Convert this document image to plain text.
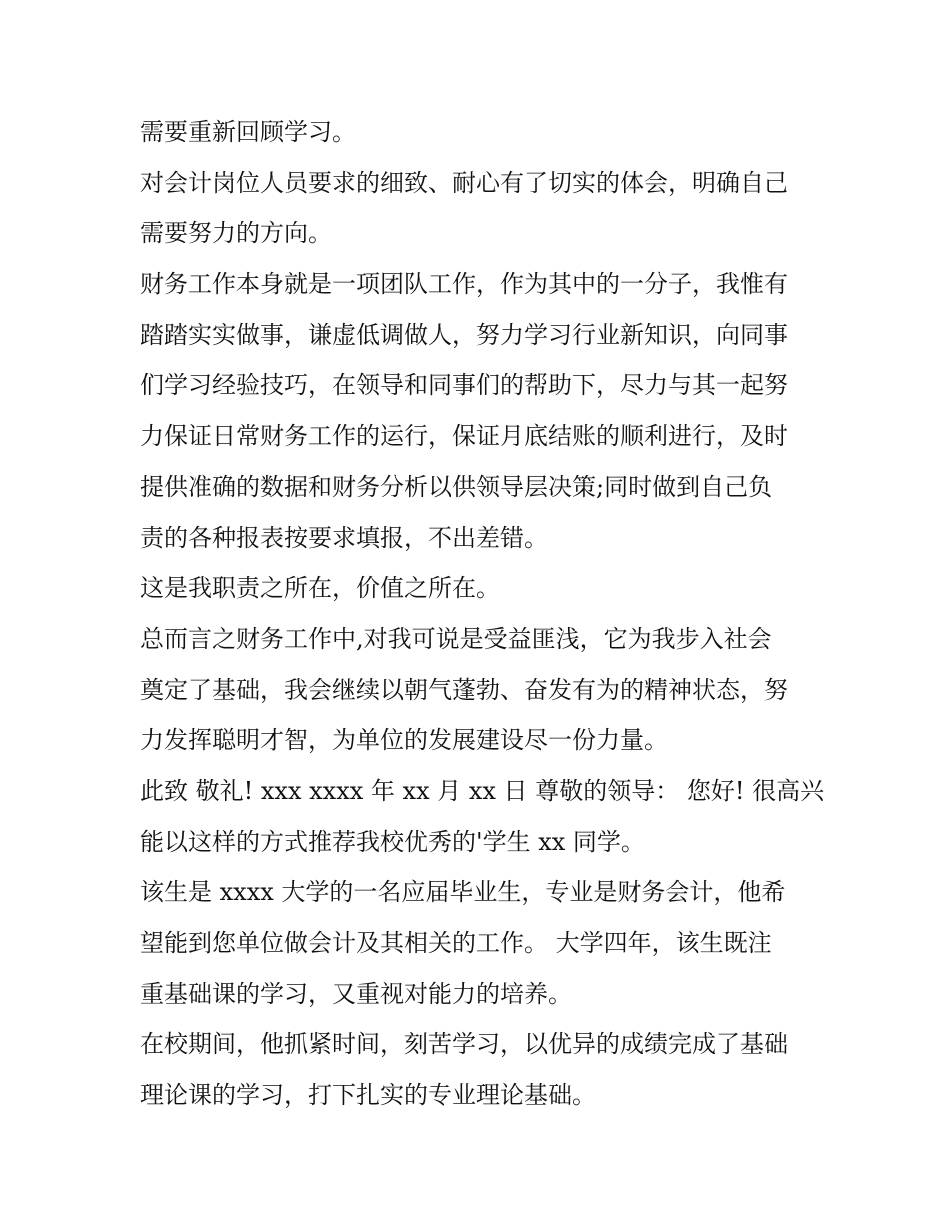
需要重新回顾学习。
对会计岗位人员要求的细致、耐心有了切实的体会，明确自己
需要努力的方向。
财务工作本身就是一项团队工作，作为其中的一分子，我惟有
踏踏实实做事，谦虚低调做人，努力学习行业新知识，向同事
们学习经验技巧，在领导和同事们的帮助下，尽力与其一起努
力保证日常财务工作的运行，保证月底结账的顺利进行，及时
提供准确的数据和财务分析以供领导层决策;同时做到自己负
责的各种报表按要求填报，不出差错。
这是我职责之所在，价值之所在。
总而言之财务工作中,对我可说是受益匪浅，它为我步入社会
奠定了基础，我会继续以朝气蓬勃、奋发有为的精神状态，努
力发挥聪明才智，为单位的发展建设尽一份力量。
此致 敬礼! xxx xxxx 年 xx 月 xx 日 尊敬的领导： 您好! 很高兴
能以这样的方式推荐我校优秀的'学生 xx 同学。
该生是 xxxx 大学的一名应届毕业生，专业是财务会计，他希
望能到您单位做会计及其相关的工作。 大学四年，该生既注
重基础课的学习，又重视对能力的培养。
在校期间，他抓紧时间，刻苦学习，以优异的成绩完成了基础
理论课的学习，打下扎实的专业理论基础。
